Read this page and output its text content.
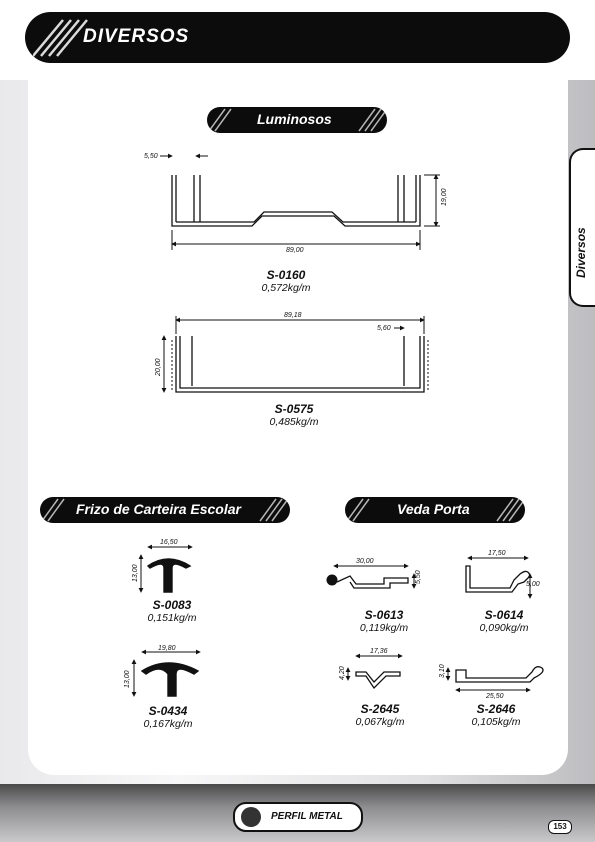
DIVERSOS
Diversos
Luminosos
Frizo de Carteira Escolar	Veda Porta
5,50
19,00
89,00
89,18
5,60
20,00
16,50
13,00
19,80
13,00
30,00
5,50
17,50
5,00
17,36
4,20	3,10
25,50
S-0160
0,572kg/m
S-0575
0,485kg/m
S-0083
0,151kg/m
S-0434
0,167kg/m
S-0613
0,119kg/m
S-0614
0,090kg/m
S-2645
0,067kg/m
S-2646
0,105kg/m
PERFIL METAL
153
